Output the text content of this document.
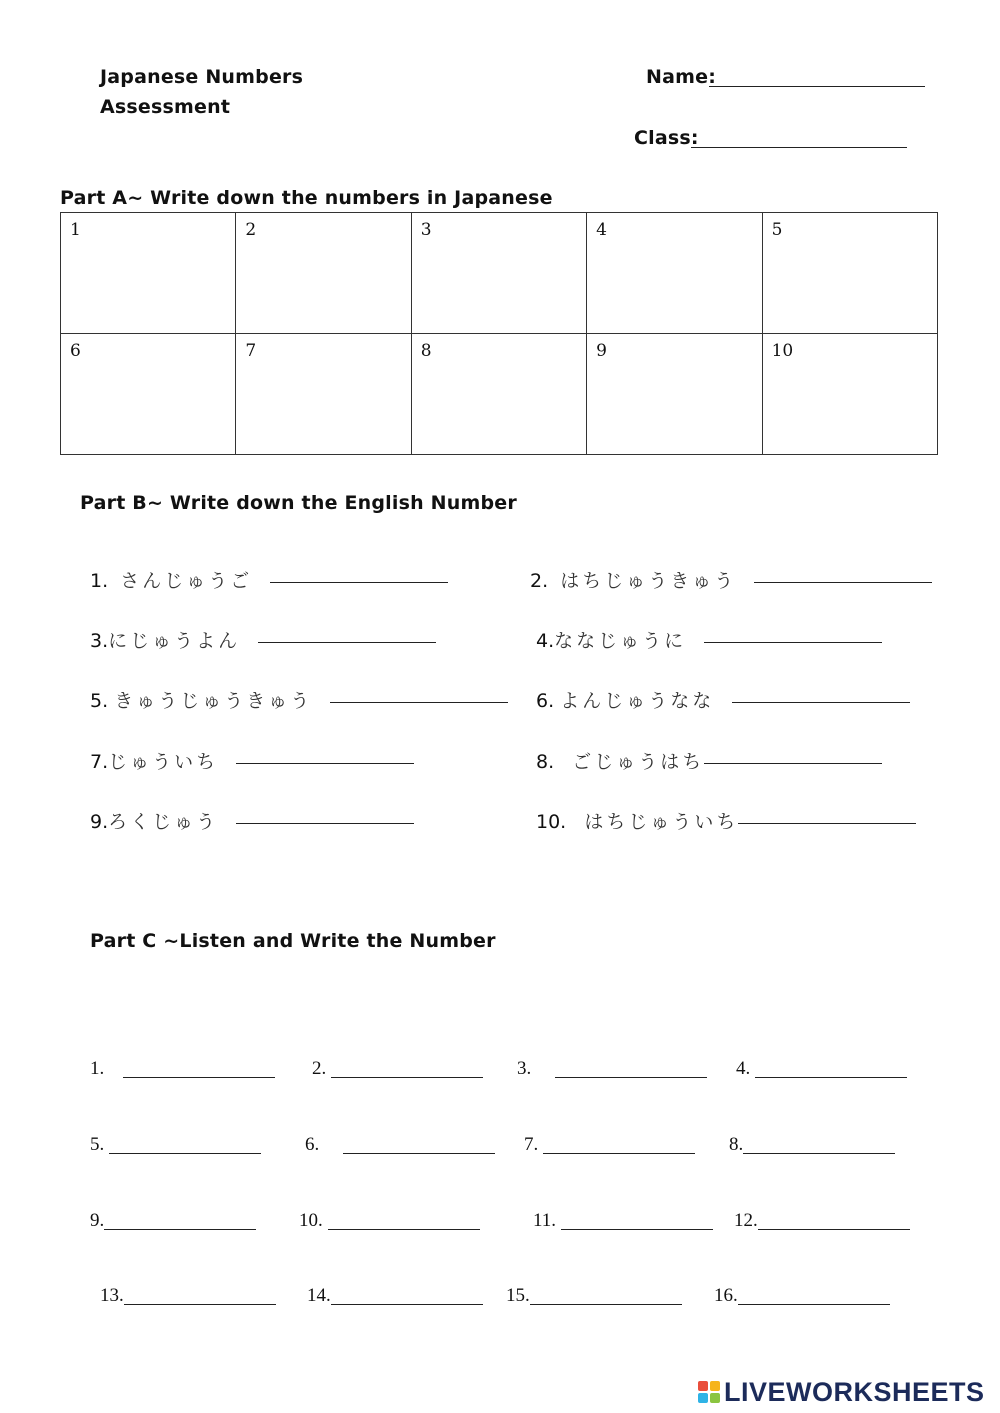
Japanese Numbers
Assessment
Name:
Class:
Part A~ Write down the numbers in Japanese
1	2	3	4	5
6	7	8	9	10
Part B~ Write down the English Number
1. さんじゅうご	2. はちじゅうきゅう
3.にじゅうよん	4.ななじゅうに
5. きゅうじゅうきゅう	6. よんじゅうなな
7.じゅういち	8. ごじゅうはち
9.ろくじゅう	10. はちじゅういち
Part C ~Listen and Write the Number
1.	2.	3.	4.
5.	6.	7.	8.
9.	10.	11.	12.
13.	14.	15.	16.
LIVEWORKSHEETS
